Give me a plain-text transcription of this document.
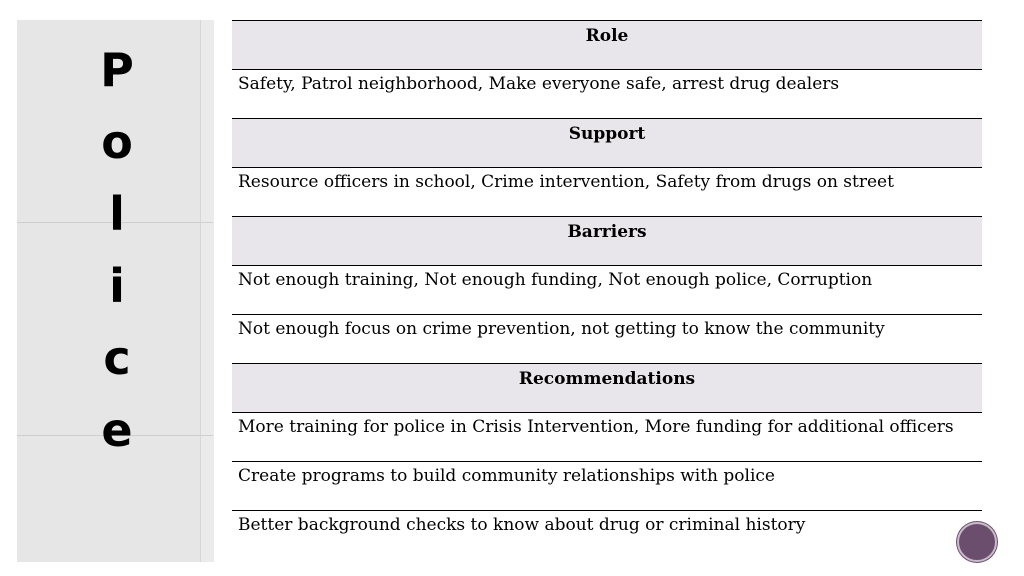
P
o
l
i
c
e
Role
Safety, Patrol neighborhood, Make everyone safe, arrest drug dealers
Support
Resource officers in school, Crime intervention, Safety from drugs on street
Barriers
Not enough training, Not enough funding, Not enough police, Corruption
Not enough focus on crime prevention, not getting to know the community
Recommendations
More training for police in Crisis Intervention, More funding for additional officers
Create programs to build community relationships with police
Better background checks to know about drug or criminal history
